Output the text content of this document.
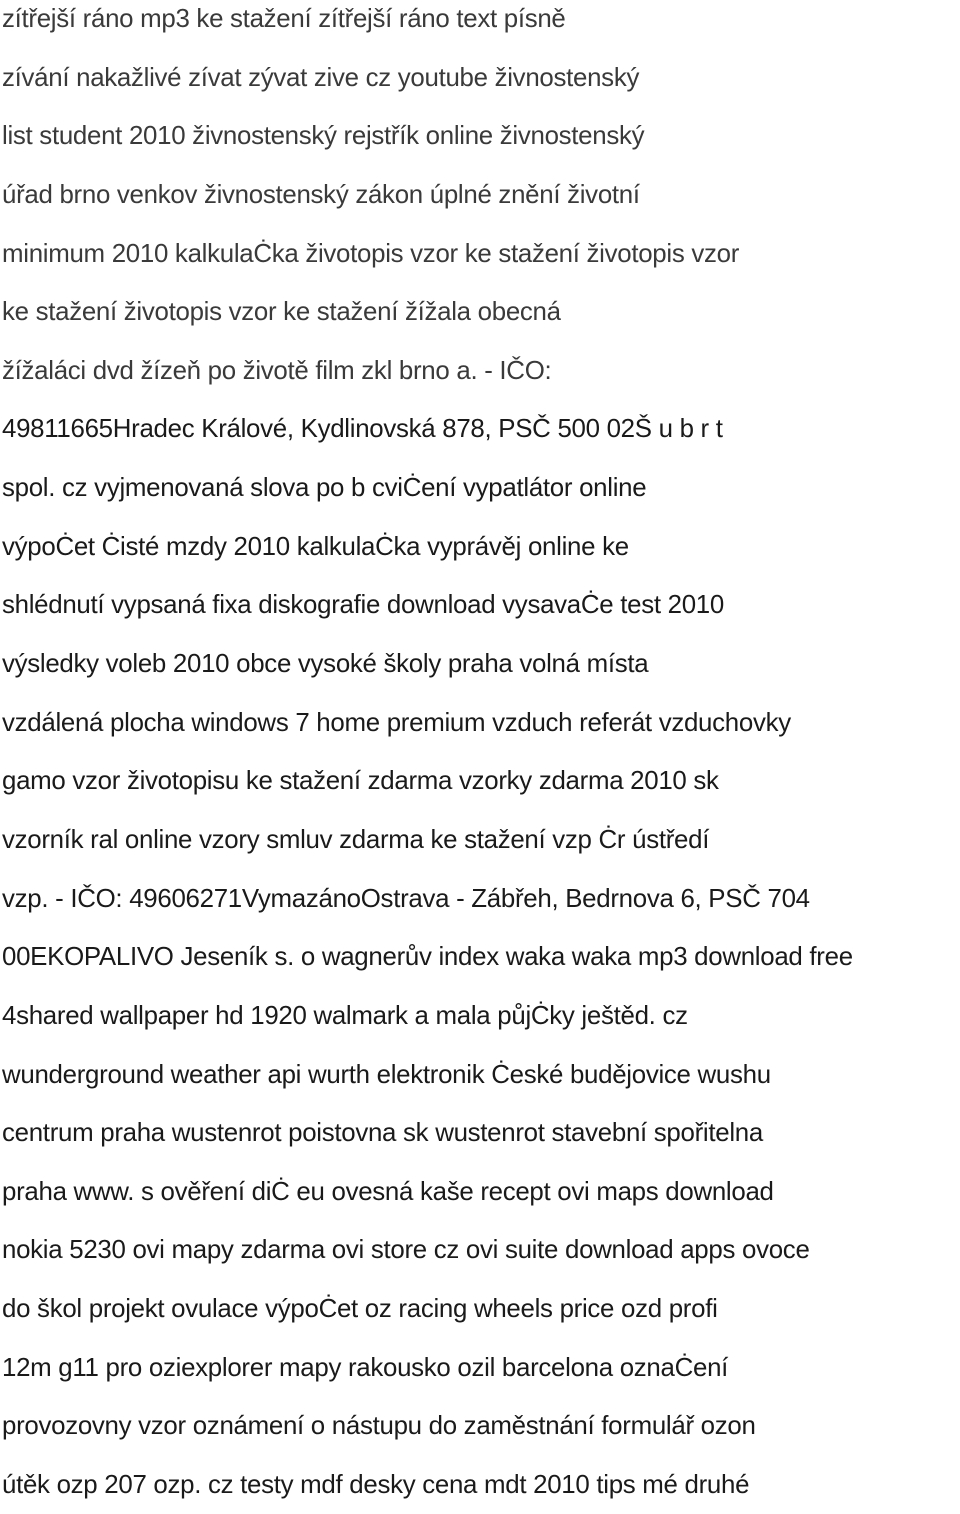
zítřejší ráno mp3 ke stažení zítřejší ráno text písně
zívání nakažlivé zívat zývat zive cz youtube živnostenský
list student 2010 živnostenský rejstřík online živnostenský
úřad brno venkov živnostenský zákon úplné znění životní
minimum 2010 kalkulaĊka životopis vzor ke stažení životopis vzor
ke stažení životopis vzor ke stažení žížala obecná
žížaláci dvd žízeň po životě film zkl brno a. - IČO:
49811665Hradec Králové, Kydlinovská 878, PSČ 500 02Š u b r t
spol. cz vyjmenovaná slova po b cviĊení vypatlátor online
výpoĊet Ċisté mzdy 2010 kalkulaĊka vyprávěj online ke
shlédnutí vypsaná fixa diskografie download vysavaĊe test 2010
výsledky voleb 2010 obce vysoké školy praha volná místa
vzdálená plocha windows 7 home premium vzduch referát vzduchovky
gamo vzor životopisu ke stažení zdarma vzorky zdarma 2010 sk
vzorník ral online vzory smluv zdarma ke stažení vzp Ċr ústředí
vzp. - IČO: 49606271VymazánoOstrava - Zábřeh, Bedrnova 6, PSČ 704
00EKOPALIVO Jeseník s. o wagnerův index waka waka mp3 download free
4shared wallpaper hd 1920 walmark a mala půjĊky ještěd. cz
wunderground weather api wurth elektronik Ċeské budějovice wushu
centrum praha wustenrot poistovna sk wustenrot stavební spořitelna
praha www. s ověření diĊ eu ovesná kaše recept ovi maps download
nokia 5230 ovi mapy zdarma ovi store cz ovi suite download apps ovoce
do škol projekt ovulace výpoĊet oz racing wheels price ozd profi
12m g11 pro oziexplorer mapy rakousko ozil barcelona oznaĊení
provozovny vzor oznámení o nástupu do zaměstnání formulář ozon
útěk ozp 207 ozp. cz testy mdf desky cena mdt 2010 tips mé druhé
